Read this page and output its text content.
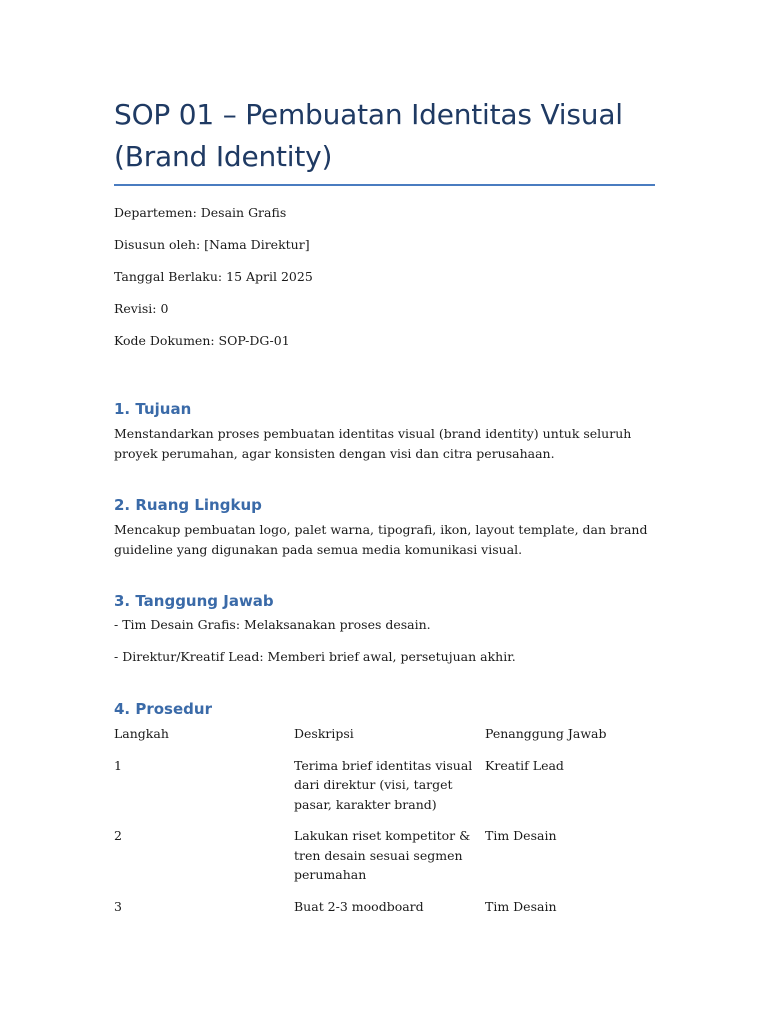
SOP 01 – Pembuatan Identitas Visual
(Brand Identity)

Departemen: Desain Grafis

Disusun oleh: [Nama Direktur]

Tanggal Berlaku: 15 April 2025

Revisi: 0

Kode Dokumen: SOP-DG-01

1. Tujuan

Menstandarkan proses pembuatan identitas visual (brand identity) untuk seluruh proyek perumahan, agar konsisten dengan visi dan citra perusahaan.

2. Ruang Lingkup

Mencakup pembuatan logo, palet warna, tipografi, ikon, layout template, dan brand guideline yang digunakan pada semua media komunikasi visual.

3. Tanggung Jawab

- Tim Desain Grafis: Melaksanakan proses desain.

- Direktur/Kreatif Lead: Memberi brief awal, persetujuan akhir.

4. Prosedur
Langkah	Deskripsi	Penanggung Jawab
1	Terima brief identitas visual dari direktur (visi, target pasar, karakter brand)	Kreatif Lead
2	Lakukan riset kompetitor & tren desain sesuai segmen perumahan	Tim Desain
3	Buat 2-3 moodboard	Tim Desain
